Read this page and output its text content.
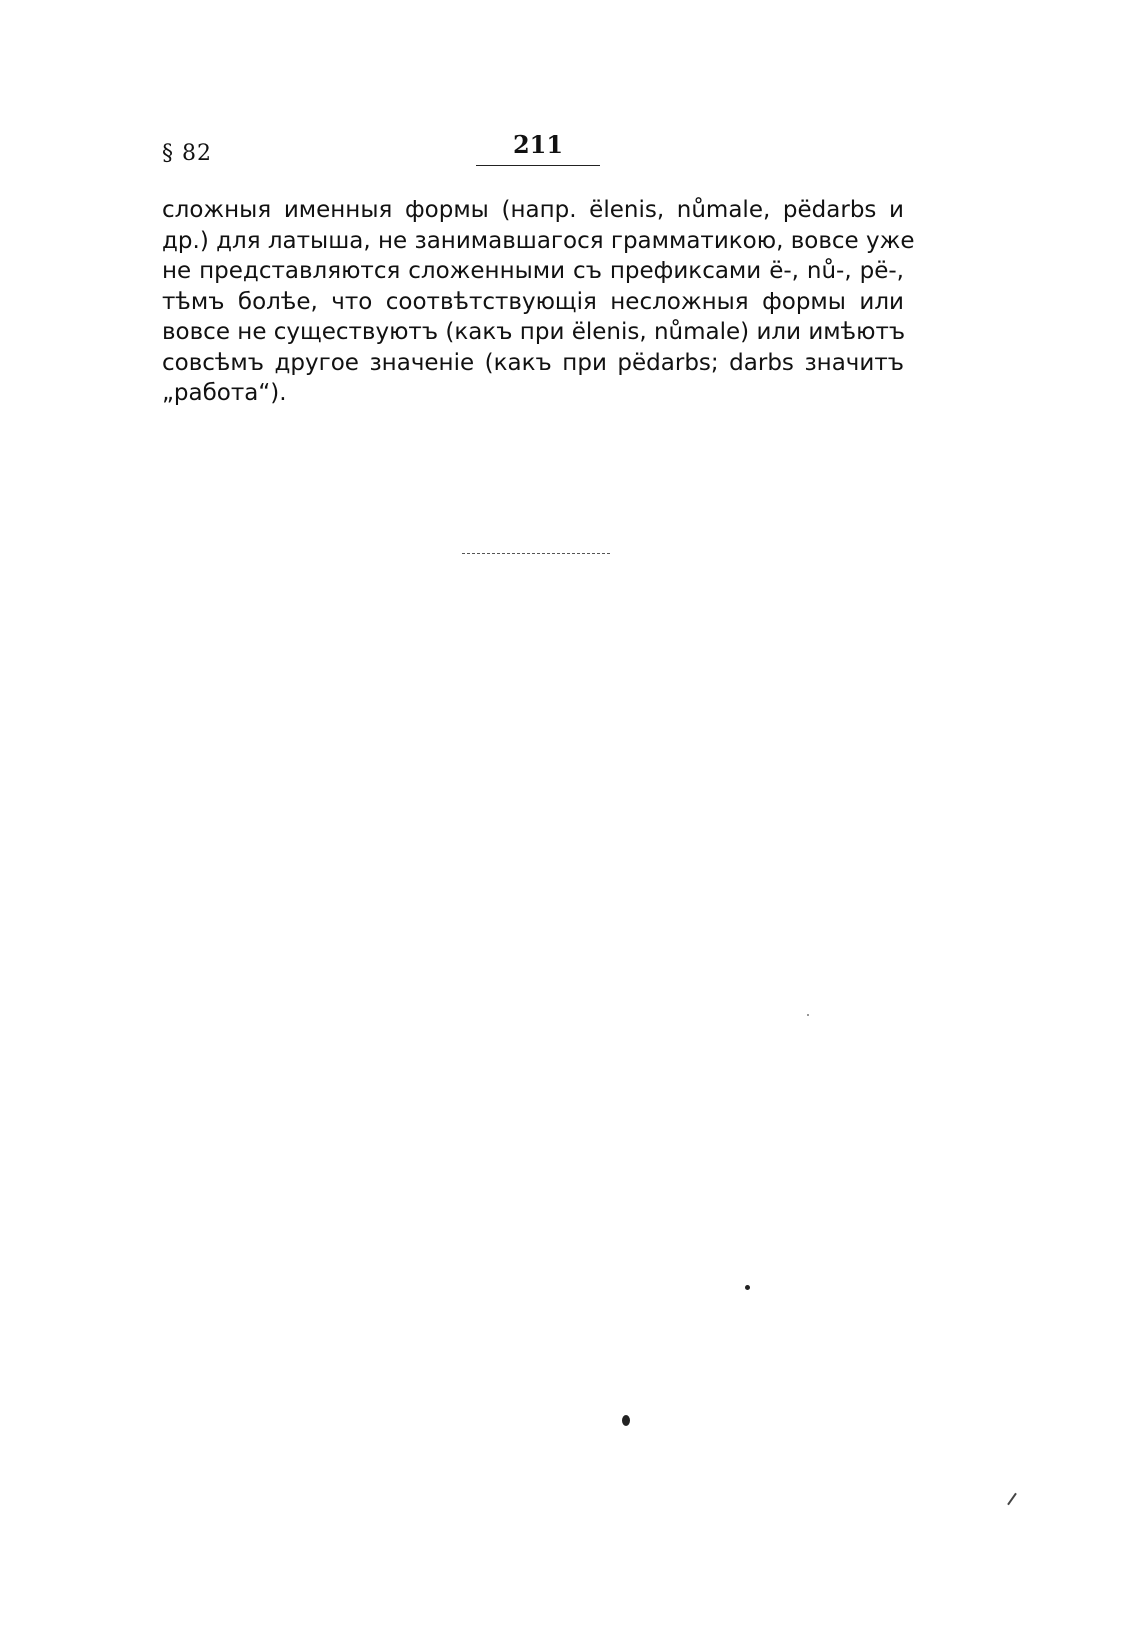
§ 82	211
сложныя именныя формы (напр. ëlenis, nůmale, pëdarbs и
др.) для латыша, не занимавшагося грамматикою, вовсе уже
не представляются сложенными съ префиксами ë-, nů-, pë-,
тѣмъ болѣе, что соотвѣтствующія несложныя формы или
вовсе не существуютъ (какъ при ëlenis, nůmale) или имѣютъ
совсѣмъ другое значеніе (какъ при pëdarbs; darbs значитъ
„работа“).
